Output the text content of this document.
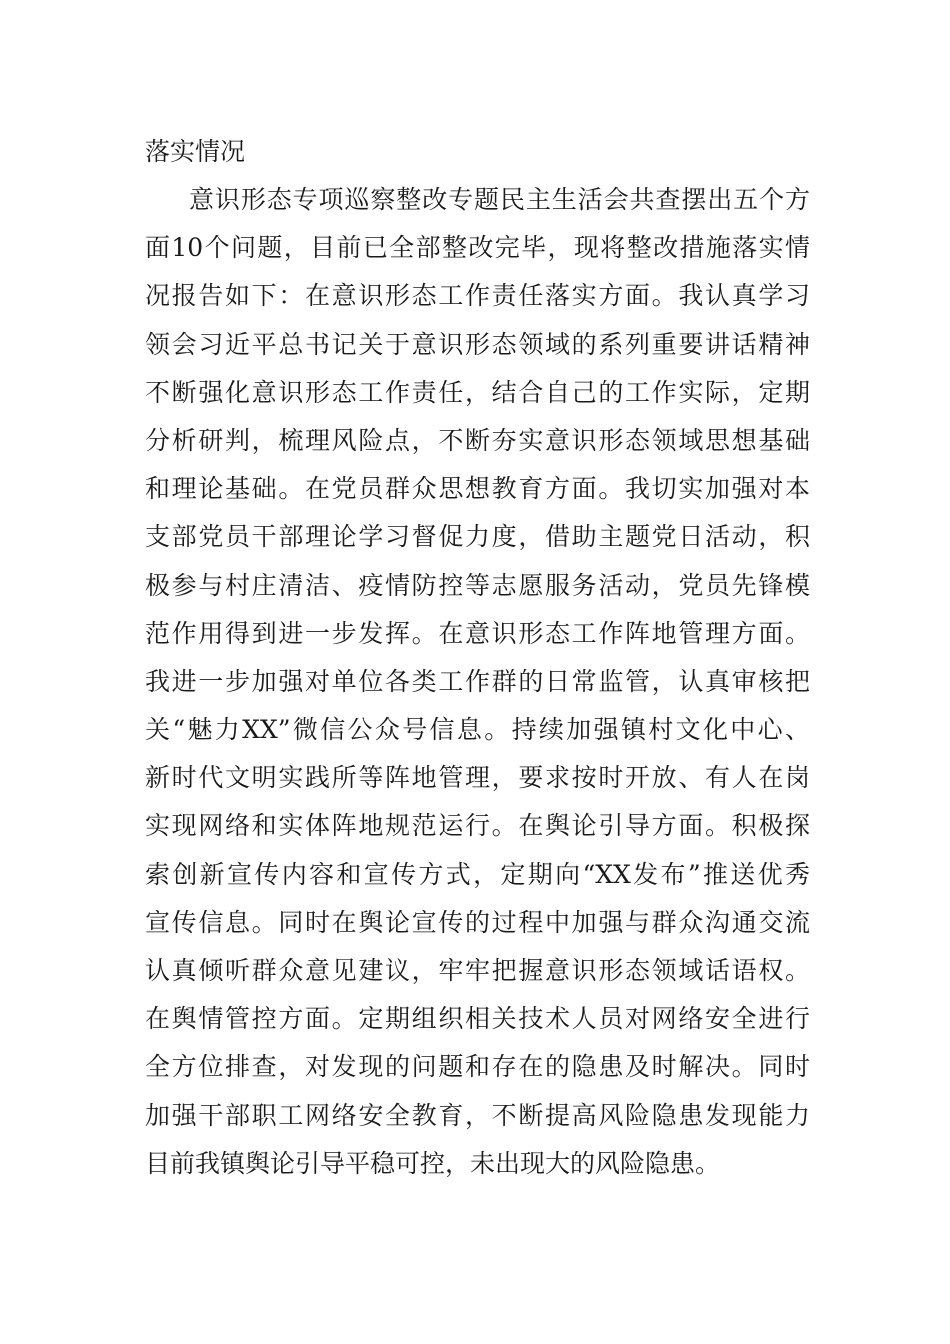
落实情况
意识形态专项巡察整改专题民主生活会共查摆出五个方
面10个问题，目前已全部整改完毕，现将整改措施落实情
况报告如下：在意识形态工作责任落实方面。我认真学习
领会习近平总书记关于意识形态领域的系列重要讲话精神
不断强化意识形态工作责任，结合自己的工作实际，定期
分析研判，梳理风险点，不断夯实意识形态领域思想基础
和理论基础。在党员群众思想教育方面。我切实加强对本
支部党员干部理论学习督促力度，借助主题党日活动，积
极参与村庄清洁、疫情防控等志愿服务活动，党员先锋模
范作用得到进一步发挥。在意识形态工作阵地管理方面。
我进一步加强对单位各类工作群的日常监管，认真审核把
关“魅力XX”微信公众号信息。持续加强镇村文化中心、
新时代文明实践所等阵地管理，要求按时开放、有人在岗
实现网络和实体阵地规范运行。在舆论引导方面。积极探
索创新宣传内容和宣传方式，定期向“XX发布”推送优秀
宣传信息。同时在舆论宣传的过程中加强与群众沟通交流
认真倾听群众意见建议，牢牢把握意识形态领域话语权。
在舆情管控方面。定期组织相关技术人员对网络安全进行
全方位排查，对发现的问题和存在的隐患及时解决。同时
加强干部职工网络安全教育，不断提高风险隐患发现能力
目前我镇舆论引导平稳可控，未出现大的风险隐患。
